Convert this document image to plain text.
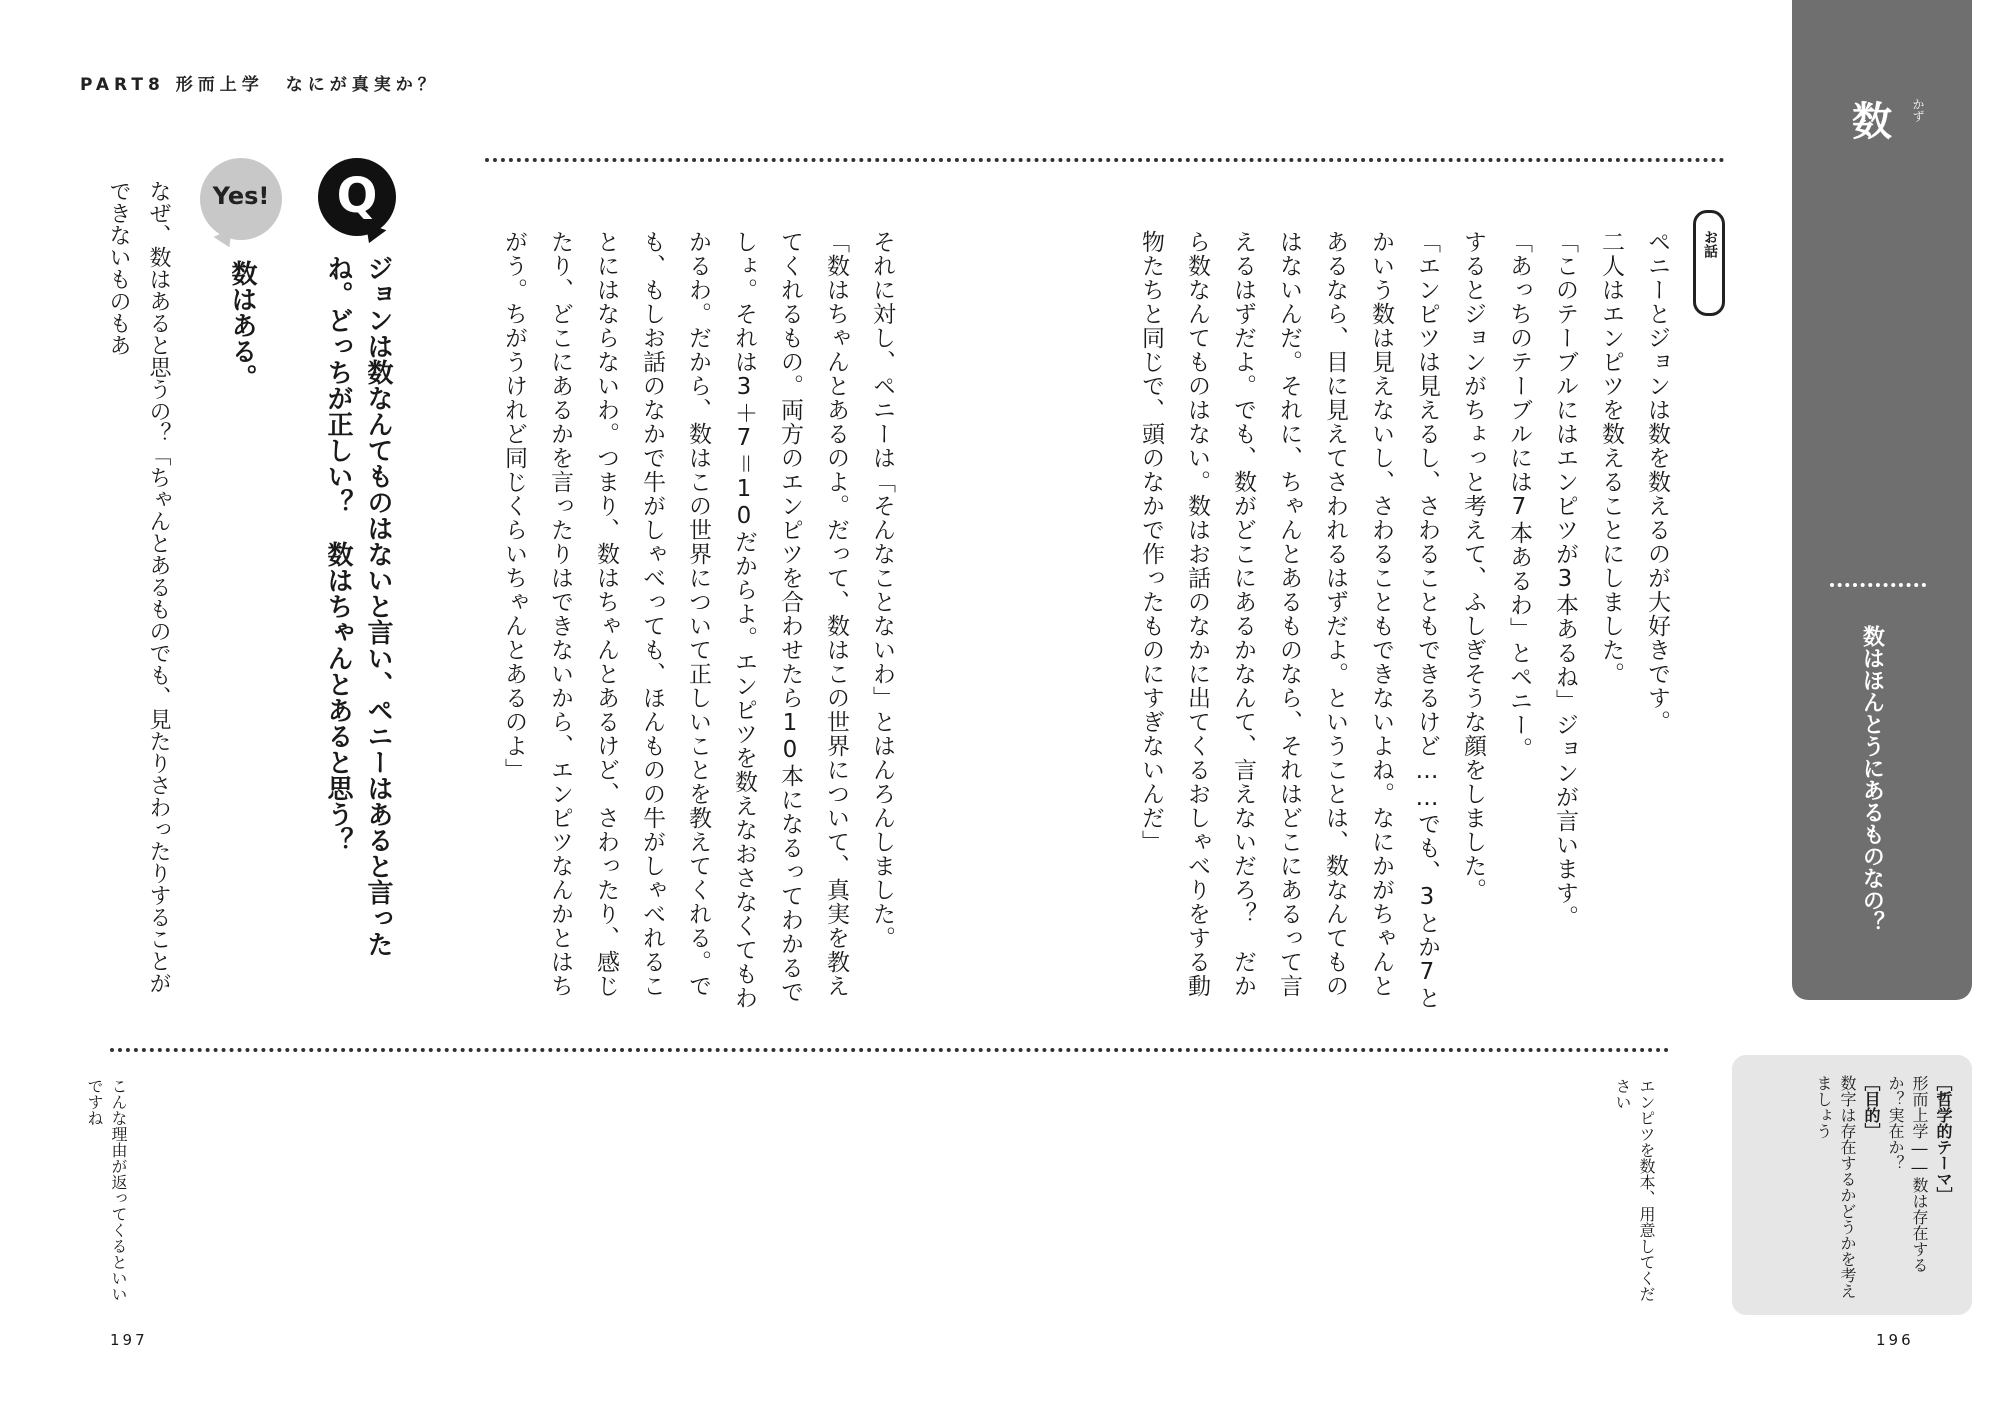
PART8 形而上学　なにが真実か？
数 かず
数はほんとうにあるものなの？
お話
ペニーとジョンは数を数えるのが大好きです。
二人はエンピツを数えることにしました。
「このテーブルにはエンピツが3本あるね」ジョンが言います。
「あっちのテーブルには7本あるわ」とペニー。
するとジョンがちょっと考えて、ふしぎそうな顔をしました。
「エンピツは見えるし、さわることもできるけど……でも、3とか7とかいう数は見えないし、さわることもできないよね。なにかがちゃんとあるなら、目に見えてさわれるはずだよ。ということは、数なんてものはないんだ。それに、ちゃんとあるものなら、それはどこにあるって言えるはずだよ。でも、数がどこにあるかなんて、言えないだろ？　だから数なんてものはない。数はお話のなかに出てくるおしゃべりをする動物たちと同じで、頭のなかで作ったものにすぎないんだ」
それに対し、ペニーは「そんなことないわ」とはんろんしました。
「数はちゃんとあるのよ。だって、数はこの世界について、真実を教えてくれるもの。両方のエンピツを合わせたら10本になるってわかるでしょ。それは3＋7＝10だからよ。エンピツを数えなおさなくてもわかるわ。だから、数はこの世界について正しいことを教えてくれる。でも、もしお話のなかで牛がしゃべっても、ほんものの牛がしゃべれることにはならないわ。つまり、数はちゃんとあるけど、さわったり、感じたり、どこにあるかを言ったりはできないから、エンピツなんかとはちがう。ちがうけれど同じくらいちゃんとあるのよ」
Q
ジョンは数なんてものはないと言い、ペニーはあると言ったね。どっちが正しい？　数はちゃんとあると思う？
Yes!
数はある。
なぜ、数はあると思うの？「ちゃんとあるものでも、見たりさわったりすることができないものもあ
［哲学的テーマ］
形而上学――数は存在するか？実在か？
［目的］
数字は存在するかどうかを考えましょう
エンピツを数本、用意してください
こんな理由が返ってくるといいですね
196
197
